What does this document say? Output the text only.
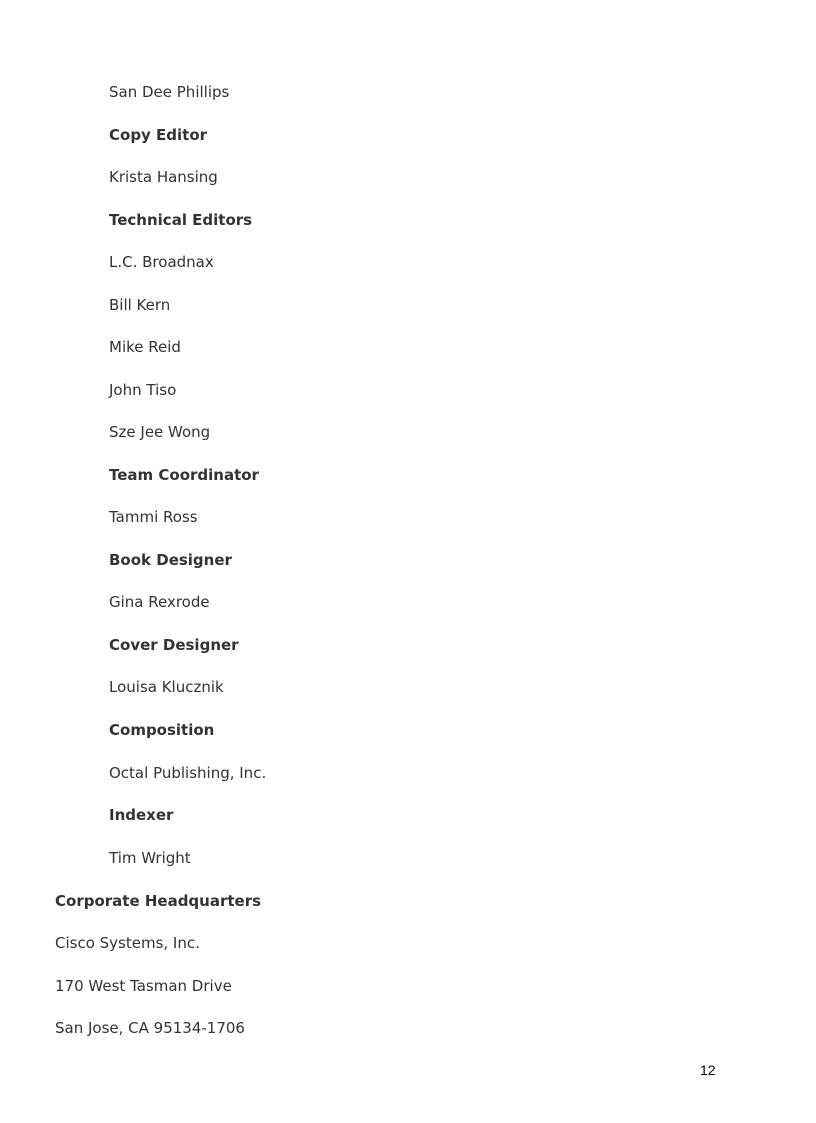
San Dee Phillips

Copy Editor

Krista Hansing

Technical Editors

L.C. Broadnax

Bill Kern

Mike Reid

John Tiso

Sze Jee Wong

Team Coordinator

Tammi Ross

Book Designer

Gina Rexrode

Cover Designer

Louisa Klucznik

Composition

Octal Publishing, Inc.

Indexer

Tim Wright

Corporate Headquarters

Cisco Systems, Inc.

170 West Tasman Drive

San Jose, CA 95134-1706

12
